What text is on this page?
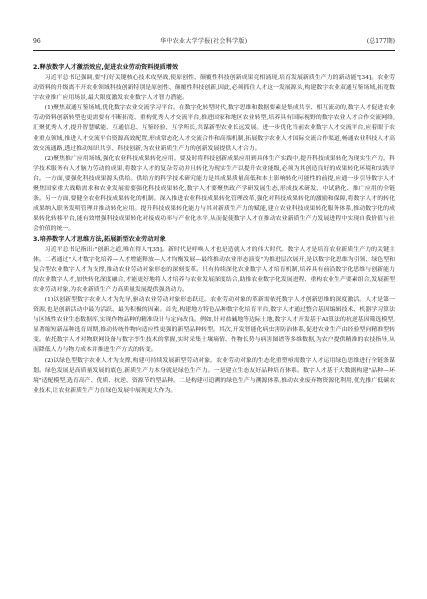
96	华中农业大学学报(社会科学版)	(总177期)
2.释放数字人才激活效应,促进农业劳动资料提质增效

习近平总书记强调,要"打好关键核心技术攻坚战,使原创性、颠覆性科技创新成果竞相涌现,培育发展新质生产力的新动能"[34]。农业劳动资料的升级离不开农业领域科技创新特别是原创性、颠覆性科技创新,因此,必须抓住人才这一发展源头,构建数字农业双通互鉴场域,拓宽数字农业推广应用场景,最大限度激发农业数字人才智力潜能。

(1)聚焦双通互鉴场域,优化数字农业交流学习平台。在数字化转型时代,数字思维和数据要素是集成共享、相互流动的,数字人才促进农业劳动资料创新转型也更需要有不断拓宽、重构优秀人才交流平台,推进国家和地区农业转型,培养具有国际视野的数字农业人才合作交流网络,汇聚优秀人才,提升智慧赋能、互通信息、互鉴经验、互学所长,共谋新型农业长远发展。进一步优化当前农业数字人才交流平台,应着眼于农业重点领域,推进人才交流平台资源高效配置,形成常态化人才交流合作和高端机制,拓展数字农业人才国际交流合作渠道,畅通农业科技人才高效交流通路,透过推动知识共享、科技创新,为农业新质生产力的创新发展提供人才合力。

(2)聚焦推广应用场域,强化农业科技成果转化应用。要及时将科技创新成果应用到具体生产实践中,提升科技成果转化为现实生产力。科学技术服务有人才脑力劳动的成果,将数字人才的复杂劳动并且转化为现实生产以提升农业能级,必须为其创造良好的成果转化环境和实践平台。一方面,要强化科技成果源头供给。供给方的科学技术研究能力是其成果质量高低和本土影响转化可能性的前提,应通一步引导数字人才聚焦国家重大战略需求和农业发展需要强化科技成果转化,数字人才要聚焦政产学研发展生态,形成技术研发、中试熟化、推广应用的全链条。另一方面,要健全农业科技成果转化的机制。深入推进农业科技成果转化管理改革,强化对科技成果转化的激励和保障,将数字人才的转化成果纳入职务发明管理并推动转化应用。提升科技成果转化能力与其对新质生产力的赋能,建立农业科技成果转化服务体系,推动数字化的成果转化转移平台,能有效增强科技成果转化对接成功率与产业化水平,从而促使数字人才在推动农业新质生产力发展进程中实现自我价值与社会价值的统一。

3.培养数字人才思维方法,拓展新型农业劳动对象

习近平总书记指出:"创新之道,唯在得人"[35]。新时代是呼唤人才也是造就人才的伟大时代。数字人才是培育农业新质生产力的关键主体。二者通过"人才数字化培养—人才增能释放—人才均衡发展—最终推动农业形态演变"为推进层次展开,是以数字化思维为引领、绿色型和复合型农业数字人才为支撑,推动农业劳动对象形态的深刻变革。只有持续深化农业数字人才培育机制,培养具有前沿数字化思维与创新能力的农业数字人才,加快转化深度融合,才能更好地将人才培养与农业发展深度结合,助推农业数字化发展进程、重构农业生产要素组合,发展新型农业劳动对象,为农业新质生产力高质量发展提供强劲动力。

(1)以创新型数字农业人才为先导,驱动农业劳动对象形态跃迁。农业劳动对象的革新需依托数字人才创新思维的深度激活。人才是第一资源,也是创新活动中最为活跃、最为积极的因素。首先,构建地方特色品种数字化培育平台,数字人才通过整合基因编辑技术、机器学习算法与区域性农业生态数据库,实现作物品种的精准设计与定向改良。例如,针对盐碱地等边际土地,数字人才开发基于AI算法的抗逆基因筛选模型,显著缩短新品种选育周期,推动传统作物向适应性更强的新型品种转型。其次,开发智能化病虫害防治体系,促进农业生产由经验型向精准型转变。依托数字人才对物联网设备与数字孪生技术的掌握,实时采集土壤墒情、作物长势与病害图谱等多维数据,为农户提供精准的农技指导,从而降低人力与物力成本并推进生产方式的转变。

(2)以绿色型数字农业人才为支撑,构建可持续发展新型劳动对象。农业劳动对象的生态化重塑亟需数字人才运用绿色思维进行全链条谋划。绿色发展是高质量发展的底色,新质生产力本身就是绿色生产力。一是建立生态友好品种培育体系。数字人才基于大数据构建"品种—环境"适配模型,选育高产、优质、抗逆、资源节约型品种。二是构建可追溯的绿色生产与溯源体系,推动农业废弃物资源化利用,优先推广低碳农业技术,让农业新质生产力在绿色发展中展现更大作为。
